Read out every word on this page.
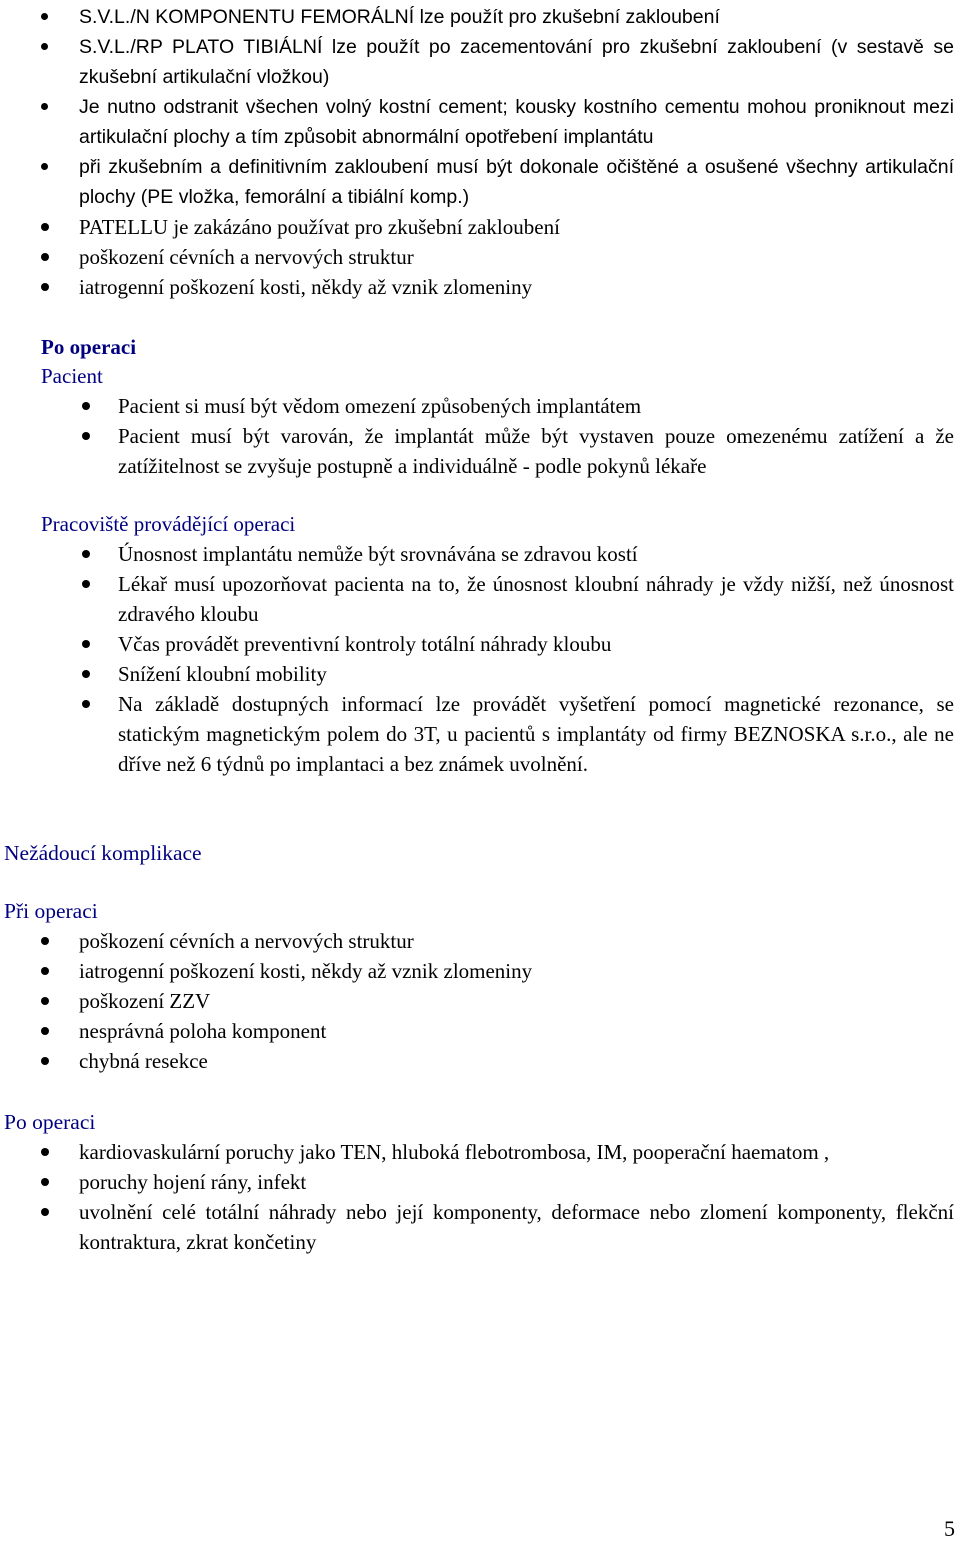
S.V.L./N KOMPONENTU FEMORÁLNÍ lze použít pro zkušební zakloubení
S.V.L./RP PLATO TIBIÁLNÍ lze použít po zacementování pro zkušební zakloubení (v sestavě se zkušební artikulační vložkou)
Je nutno odstranit všechen volný kostní cement; kousky kostního cementu mohou proniknout mezi artikulační plochy a tím způsobit abnormální opotřebení implantátu
při zkušebním a definitivním zakloubení musí být dokonale očištěné a osušené všechny artikulační plochy (PE vložka, femorální a tibiální komp.)
PATELLU je zakázáno používat pro zkušební zakloubení
poškození cévních a nervových struktur
iatrogenní poškození kosti, někdy až vznik zlomeniny
Po operaci
Pacient
Pacient si musí být vědom omezení způsobených implantátem
Pacient musí být varován, že implantát může být vystaven pouze omezenému zatížení a že zatížitelnost se zvyšuje postupně a individuálně - podle pokynů lékaře
Pracoviště provádějící operaci
Únosnost implantátu nemůže být srovnávána se zdravou kostí
Lékař musí upozorňovat pacienta na to, že únosnost kloubní náhrady je vždy nižší, než únosnost zdravého kloubu
Včas provádět preventivní kontroly totální náhrady kloubu
Snížení kloubní mobility
Na základě dostupných informací lze provádět vyšetření pomocí magnetické rezonance, se statickým magnetickým polem do 3T, u pacientů s implantáty od firmy BEZNOSKA s.r.o., ale ne dříve než 6 týdnů po implantaci a bez známek uvolnění.
Nežádoucí komplikace
Při operaci
poškození cévních a nervových struktur
iatrogenní poškození kosti, někdy až vznik zlomeniny
poškození ZZV
nesprávná poloha komponent
chybná resekce
Po operaci
kardiovaskulární poruchy jako TEN, hluboká flebotrombosa, IM, pooperační haematom ,
poruchy hojení rány, infekt
uvolnění celé totální náhrady nebo její komponenty, deformace nebo zlomení komponenty, flekční kontraktura, zkrat končetiny
5
